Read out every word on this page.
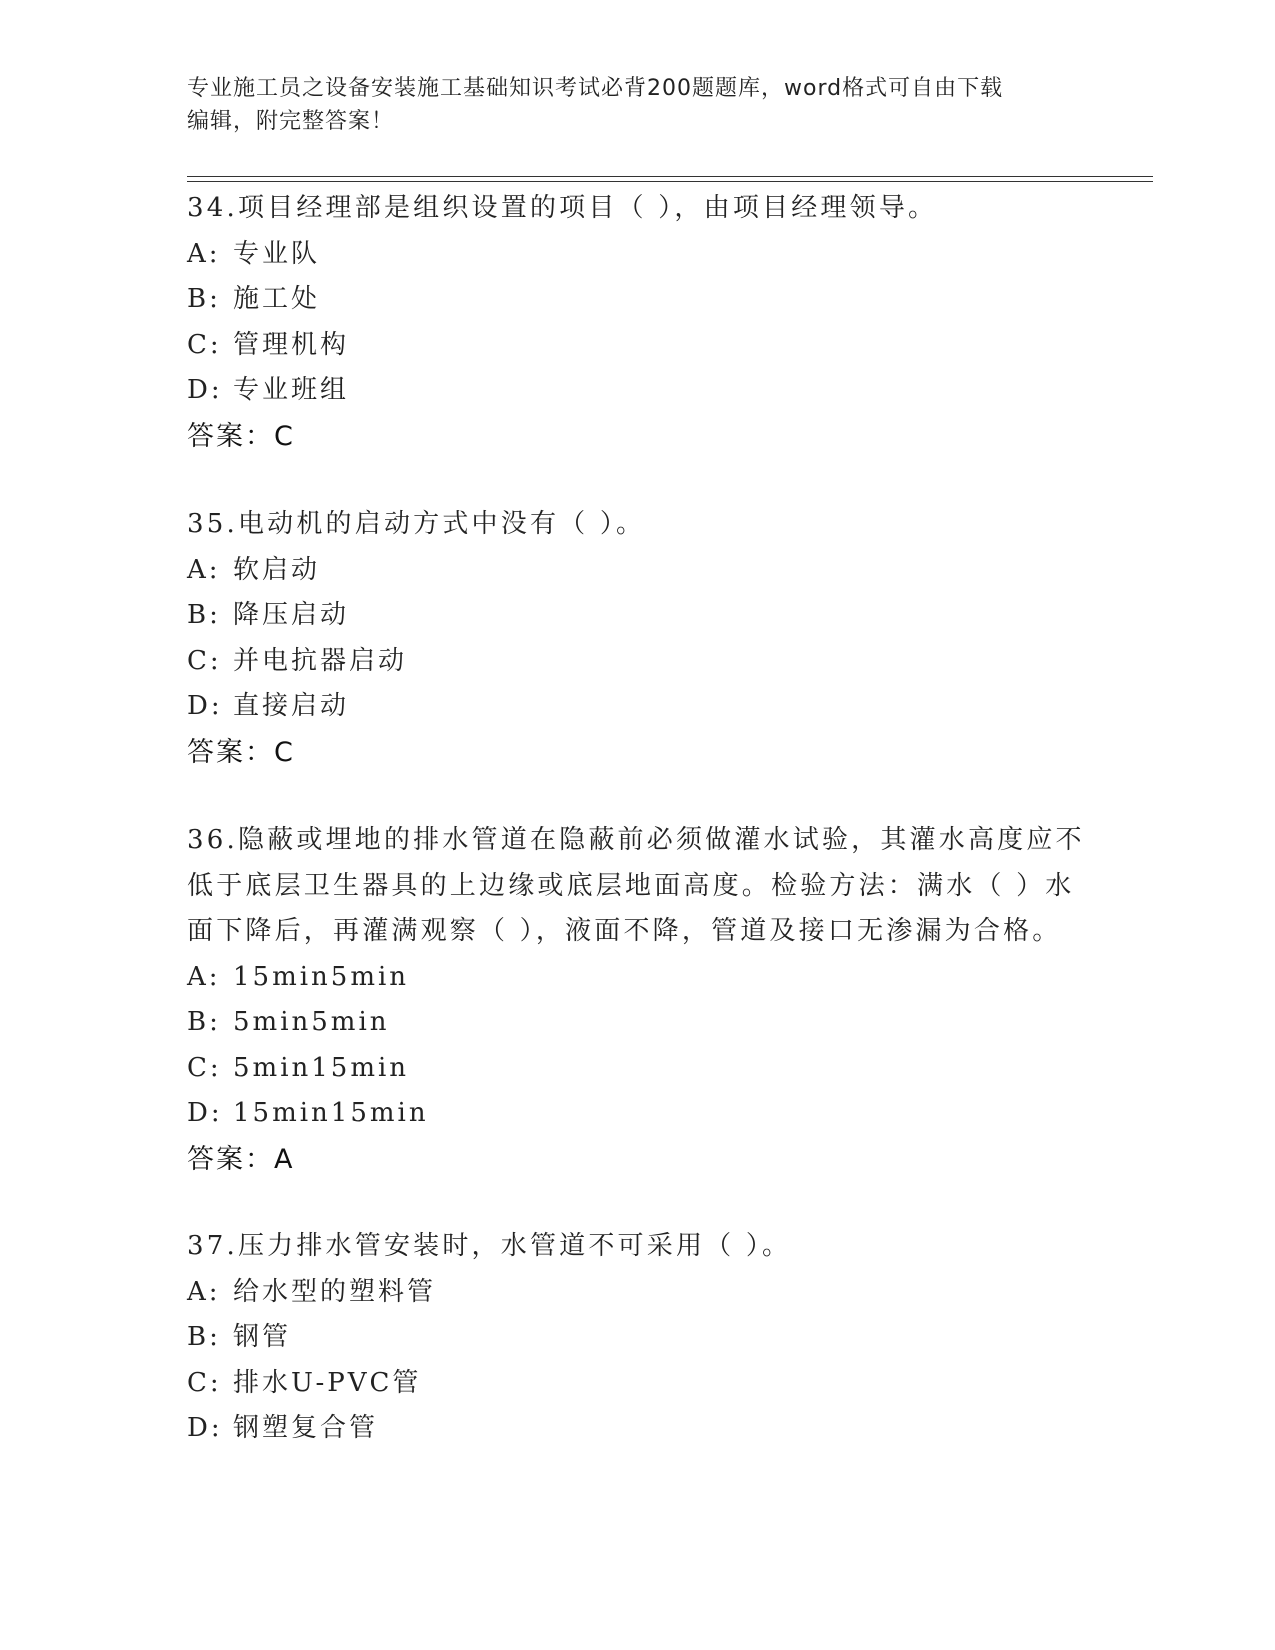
专业施工员之设备安装施工基础知识考试必背200题题库，word格式可自由下载
编辑，附完整答案！
34.项目经理部是组织设置的项目（ ），由项目经理领导。
A: 专业队
B: 施工处
C: 管理机构
D: 专业班组
答案：C
35.电动机的启动方式中没有（ ）。
A: 软启动
B: 降压启动
C: 并电抗器启动
D: 直接启动
答案：C
36.隐蔽或埋地的排水管道在隐蔽前必须做灌水试验，其灌水高度应不
低于底层卫生器具的上边缘或底层地面高度。检验方法：满水（ ）水
面下降后，再灌满观察（ ），液面不降，管道及接口无渗漏为合格。
A: 15min5min
B: 5min5min
C: 5min15min
D: 15min15min
答案：A
37.压力排水管安装时，水管道不可采用（ ）。
A: 给水型的塑料管
B: 钢管
C: 排水U-PVC管
D: 钢塑复合管
